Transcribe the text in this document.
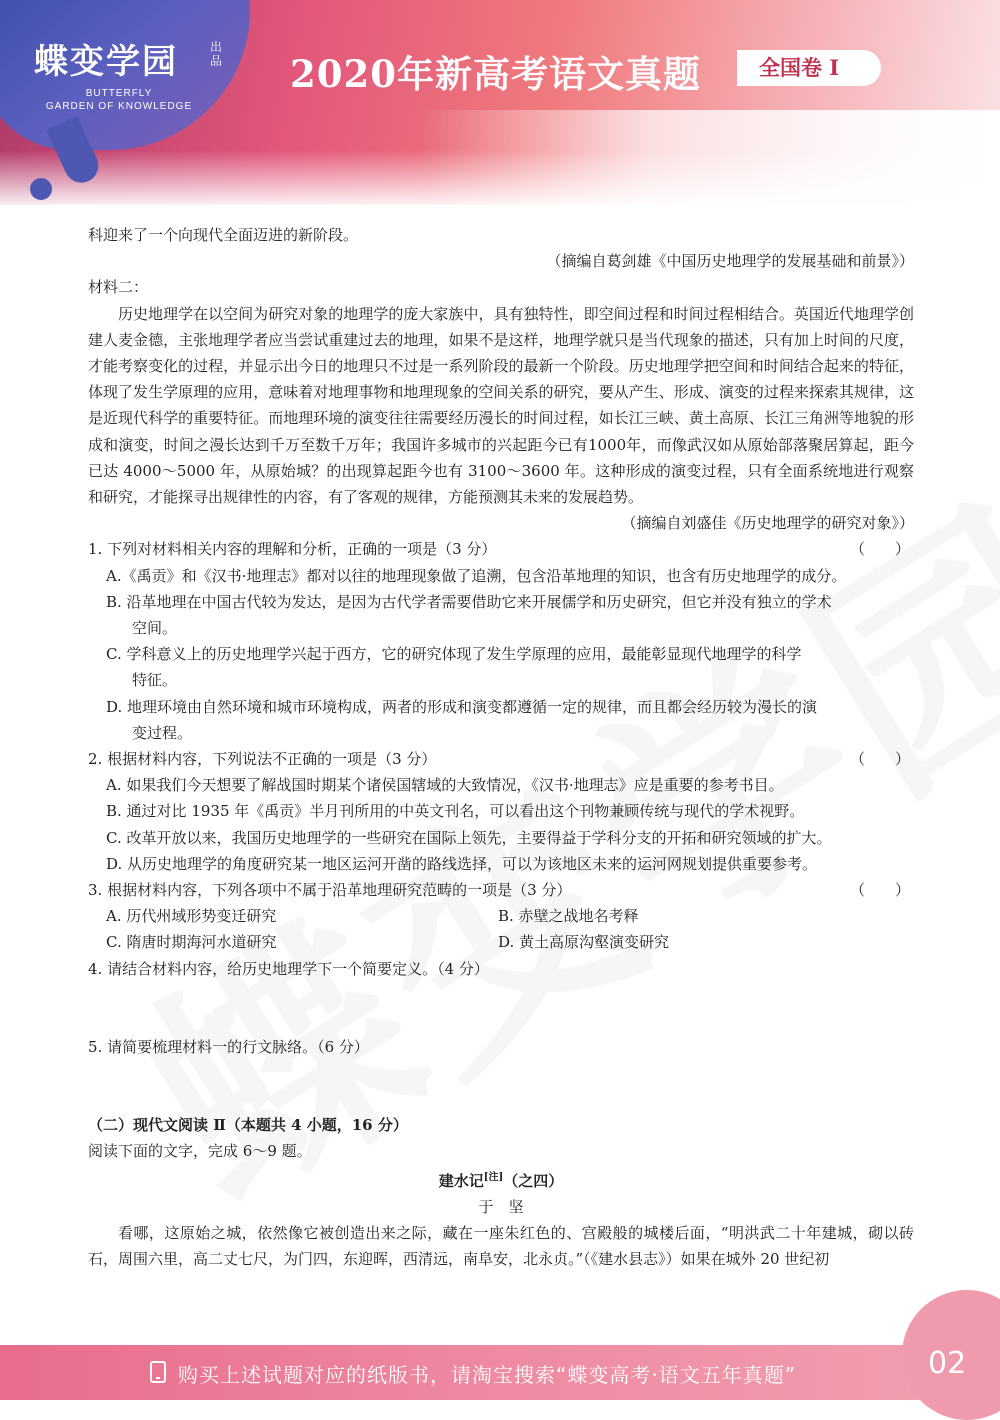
蝶变学园	出品
BUTTERFLY
GARDEN OF KNOWLEDGE
2020年新高考语文真题	全国卷 I

科迎来了一个向现代全面迈进的新阶段。

（摘编自葛剑雄《中国历史地理学的发展基础和前景》）

材料二：

历史地理学在以空间为研究对象的地理学的庞大家族中，具有独特性，即空间过程和时间过程相结合。英国近代地理学创建人麦金德，主张地理学者应当尝试重建过去的地理，如果不是这样，地理学就只是当代现象的描述，只有加上时间的尺度，才能考察变化的过程，并显示出今日的地理只不过是一系列阶段的最新一个阶段。历史地理学把空间和时间结合起来的特征，体现了发生学原理的应用，意味着对地理事物和地理现象的空间关系的研究，要从产生、形成、演变的过程来探索其规律，这是近现代科学的重要特征。而地理环境的演变往往需要经历漫长的时间过程，如长江三峡、黄土高原、长江三角洲等地貌的形成和演变，时间之漫长达到千万至数千万年；我国许多城市的兴起距今已有1000年，而像武汉如从原始部落聚居算起，距今已达 4000～5000 年，从原始城？的出现算起距今也有 3100～3600 年。这种形成的演变过程，只有全面系统地进行观察和研究，才能探寻出规律性的内容，有了客观的规律，方能预测其未来的发展趋势。

（摘编自刘盛佳《历史地理学的研究对象》）

1. 下列对材料相关内容的理解和分析，正确的一项是（3 分）	（　　）

A.《禹贡》和《汉书·地理志》都对以往的地理现象做了追溯，包含沿革地理的知识，也含有历史地理学的成分。

B. 沿革地理在中国古代较为发达，是因为古代学者需要借助它来开展儒学和历史研究，但它并没有独立的学术

空间。

C. 学科意义上的历史地理学兴起于西方，它的研究体现了发生学原理的应用，最能彰显现代地理学的科学

特征。

D. 地理环境由自然环境和城市环境构成，两者的形成和演变都遵循一定的规律，而且都会经历较为漫长的演

变过程。

2. 根据材料内容，下列说法不正确的一项是（3 分）	（　　）

A. 如果我们今天想要了解战国时期某个诸侯国辖域的大致情况，《汉书·地理志》应是重要的参考书目。

B. 通过对比 1935 年《禹贡》半月刊所用的中英文刊名，可以看出这个刊物兼顾传统与现代的学术视野。

C. 改革开放以来，我国历史地理学的一些研究在国际上领先，主要得益于学科分支的开拓和研究领域的扩大。

D. 从历史地理学的角度研究某一地区运河开凿的路线选择，可以为该地区未来的运河网规划提供重要参考。

3. 根据材料内容，下列各项中不属于沿革地理研究范畴的一项是（3 分）	（　　）
A. 历代州域形势变迁研究	B. 赤壁之战地名考释
C. 隋唐时期海河水道研究	D. 黄土高原沟壑演变研究

4. 请结合材料内容，给历史地理学下一个简要定义。（4 分）

5. 请简要梳理材料一的行文脉络。（6 分）

（二）现代文阅读 Ⅱ（本题共 4 小题，16 分）

阅读下面的文字，完成 6～9 题。

建水记[注]（之四）

于　坚

看哪，这原始之城，依然像它被创造出来之际，藏在一座朱红色的、宫殿般的城楼后面，“明洪武二十年建城，砌以砖石，周围六里，高二丈七尺，为门四，东迎晖，西清远，南阜安，北永贞。”（《建水县志》）如果在城外 20 世纪初

购买上述试题对应的纸版书，请淘宝搜索“蝶变高考·语文五年真题”	02
